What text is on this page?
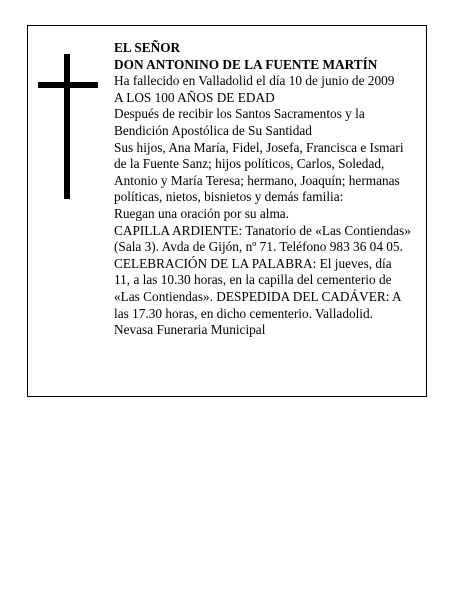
EL SEÑOR
DON ANTONINO DE LA FUENTE MARTÍN
Ha fallecido en Valladolid el día 10 de junio de 2009
A LOS 100 AÑOS DE EDAD
Después de recibir los Santos Sacramentos y la
Bendición Apostólica de Su Santidad
Sus hijos, Ana María, Fidel, Josefa, Francisca e Ismari
de la Fuente Sanz; hijos políticos, Carlos, Soledad,
Antonio y María Teresa; hermano, Joaquín; hermanas
políticas, nietos, bisnietos y demás familia:
Ruegan una oración por su alma.
CAPILLA ARDIENTE: Tanatorio de «Las Contiendas»
(Sala 3). Avda de Gijón, nº 71. Teléfono 983 36 04 05.
CELEBRACIÓN DE LA PALABRA: El jueves, día
11, a las 10.30 horas, en la capilla del cementerio de
«Las Contiendas». DESPEDIDA DEL CADÁVER: A
las 17.30 horas, en dicho cementerio. Valladolid.
Nevasa Funeraria Municipal
